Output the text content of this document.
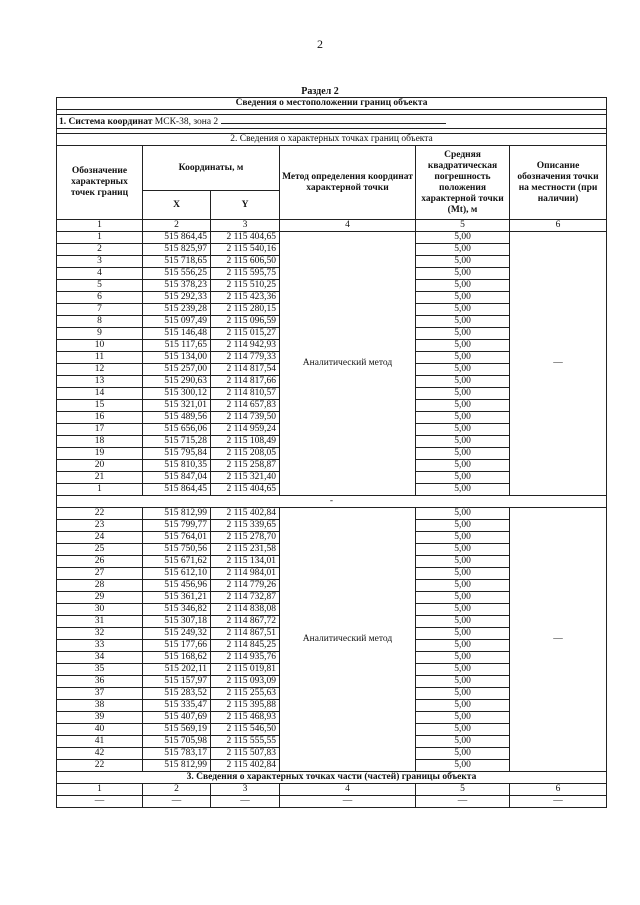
2
Раздел 2
Сведения о местоположении границ объекта					

1. Система координат МСК-38, зона 2					

2. Сведения о характерных точках границ объекта					
Обозначение характерных точек границ	Координаты, м		Метод определения координат характерной точки	Средняя квадратическая погрешность положения характерной точки (Mt), м	Описание обозначения точки на местности (при наличии)
	X	Y			
1	2	3	4	5	6
1	515 864,45	2 115 404,65	Аналитический метод	5,00	—
2	515 825,97	2 115 540,16		5,00	
3	515 718,65	2 115 606,50		5,00	
4	515 556,25	2 115 595,75		5,00	
5	515 378,23	2 115 510,25		5,00	
6	515 292,33	2 115 423,36		5,00	
7	515 239,28	2 115 280,15		5,00	
8	515 097,49	2 115 096,59		5,00	
9	515 146,48	2 115 015,27		5,00	
10	515 117,65	2 114 942,93		5,00	
11	515 134,00	2 114 779,33		5,00	
12	515 257,00	2 114 817,54		5,00	
13	515 290,63	2 114 817,66		5,00	
14	515 300,12	2 114 810,57		5,00	
15	515 321,01	2 114 657,83		5,00	
16	515 489,56	2 114 739,50		5,00	
17	515 656,06	2 114 959,24		5,00	
18	515 715,28	2 115 108,49		5,00	
19	515 795,84	2 115 208,05		5,00	
20	515 810,35	2 115 258,87		5,00	
21	515 847,04	2 115 321,40		5,00	
1	515 864,45	2 115 404,65		5,00	
-					
22	515 812,99	2 115 402,84	Аналитический метод	5,00	—
23	515 799,77	2 115 339,65		5,00	
24	515 764,01	2 115 278,70		5,00	
25	515 750,56	2 115 231,58		5,00	
26	515 671,62	2 115 134,01		5,00	
27	515 612,10	2 114 984,01		5,00	
28	515 456,96	2 114 779,26		5,00	
29	515 361,21	2 114 732,87		5,00	
30	515 346,82	2 114 838,08		5,00	
31	515 307,18	2 114 867,72		5,00	
32	515 249,32	2 114 867,51		5,00	
33	515 177,66	2 114 845,25		5,00	
34	515 168,62	2 114 935,76		5,00	
35	515 202,11	2 115 019,81		5,00	
36	515 157,97	2 115 093,09		5,00	
37	515 283,52	2 115 255,63		5,00	
38	515 335,47	2 115 395,88		5,00	
39	515 407,69	2 115 468,93		5,00	
40	515 569,19	2 115 546,50		5,00	
41	515 705,98	2 115 555,55		5,00	
42	515 783,17	2 115 507,83		5,00	
22	515 812,99	2 115 402,84		5,00	
3. Сведения о характерных точках части (частей) границы объекта					
1	2	3	4	5	6
—	—	—	—	—	—
